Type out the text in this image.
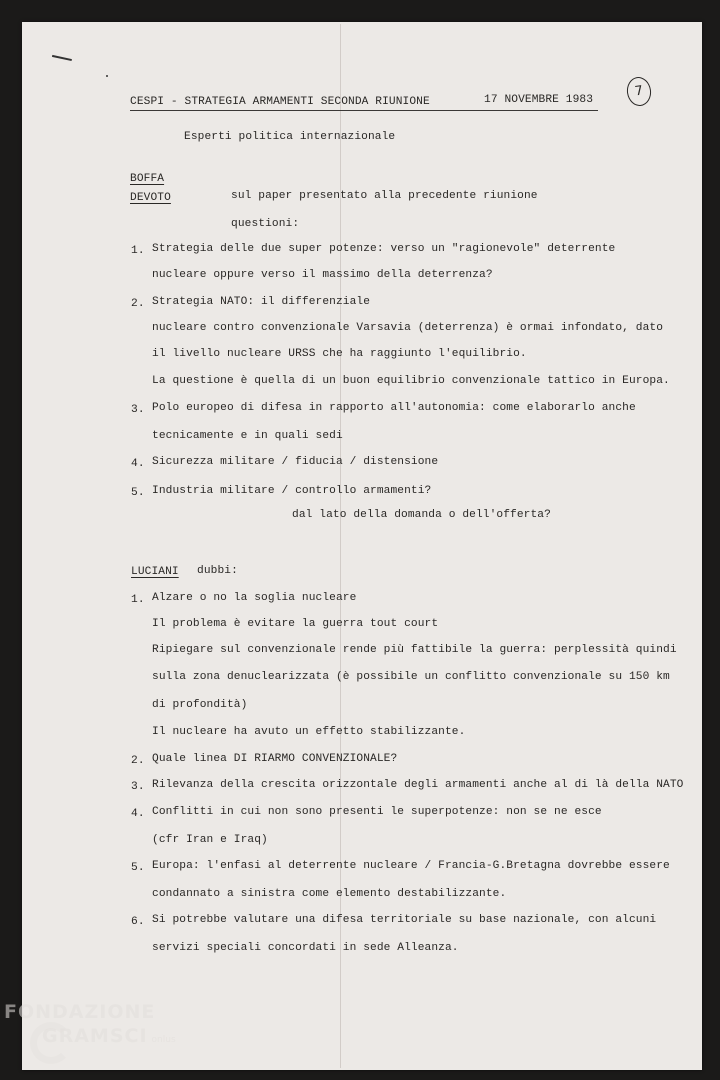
CESPI - STRATEGIA ARMAMENTI SECONDA RIUNIONE	17 NOVEMBRE 1983
7
Esperti politica internazionale
BOFFA
DEVOTO	sul paper presentato alla precedente riunione
questioni:
1. Strategia delle due super potenze: verso un "ragionevole" deterrente
nucleare oppure verso il massimo della deterrenza?
2. Strategia NATO: il differenziale
nucleare contro convenzionale Varsavia (deterrenza) è ormai infondato, dato
il livello nucleare URSS che ha raggiunto l'equilibrio.
La questione è quella di un buon equilibrio convenzionale tattico in Europa.
3. Polo europeo di difesa in rapporto all'autonomia: come elaborarlo anche
tecnicamente e in quali sedi
4. Sicurezza militare / fiducia / distensione
5. Industria militare / controllo armamenti?
dal lato della domanda o dell'offerta?
LUCIANI dubbi:
1. Alzare o no la soglia nucleare
Il problema è evitare la guerra tout court
Ripiegare sul convenzionale rende più fattibile la guerra: perplessità quindi
sulla zona denuclearizzata (è possibile un conflitto convenzionale su 150 km
di profondità)
Il nucleare ha avuto un effetto stabilizzante.
2. Quale linea DI RIARMO CONVENZIONALE?
3. Rilevanza della crescita orizzontale degli armamenti anche al di là della NATO
4. Conflitti in cui non sono presenti le superpotenze: non se ne esce
(cfr Iran e Iraq)
5. Europa: l'enfasi al deterrente nucleare / Francia-G.Bretagna dovrebbe essere
condannato a sinistra come elemento destabilizzante.
6. Si potrebbe valutare una difesa territoriale su base nazionale, con alcuni
servizi speciali concordati in sede Alleanza.
FONDAZIONE
GRAMSCI onlus
